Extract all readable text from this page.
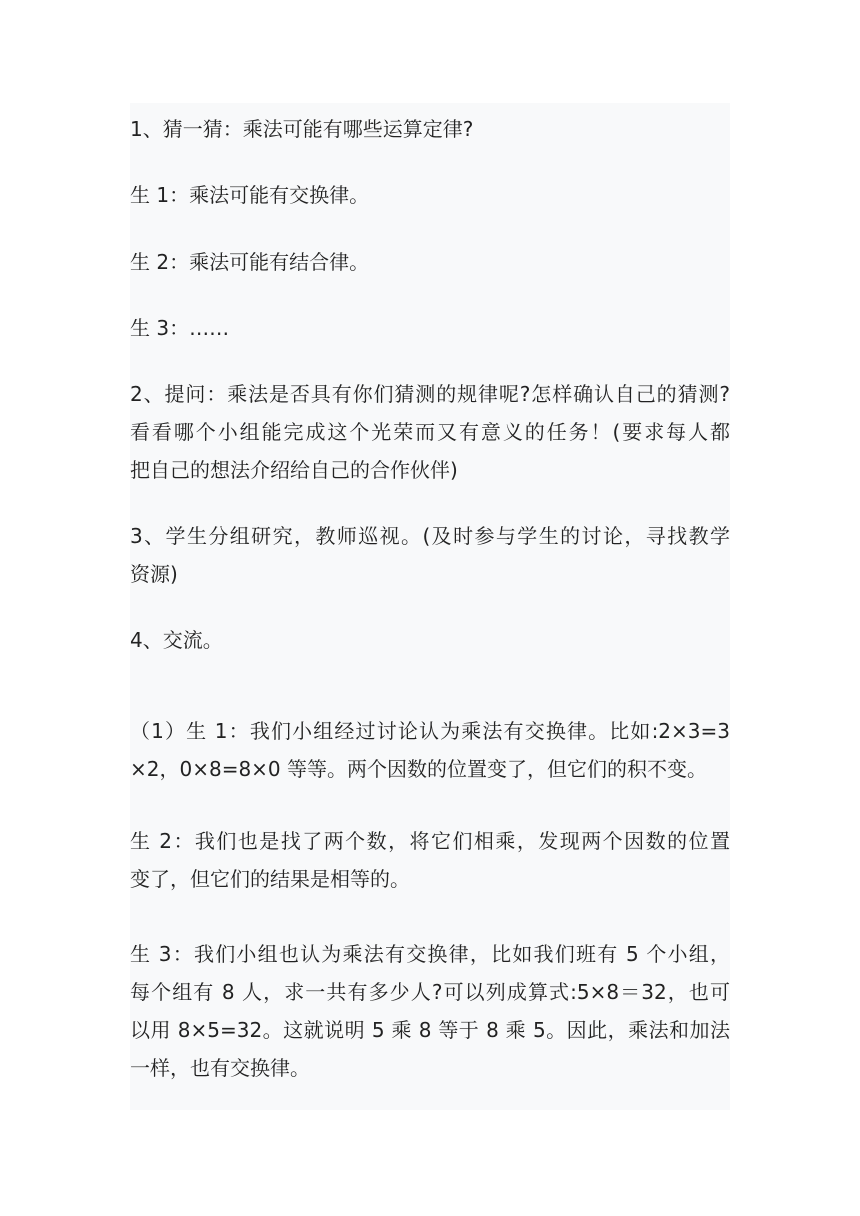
1、猜一猜：乘法可能有哪些运算定律?

生 1：乘法可能有交换律。

生 2：乘法可能有结合律。

生 3：……

2、提问：乘法是否具有你们猜测的规律呢?怎样确认自己的猜测?
看看哪个小组能完成这个光荣而又有意义的任务！(要求每人都
把自己的想法介绍给自己的合作伙伴)

3、学生分组研究，教师巡视。(及时参与学生的讨论，寻找教学
资源)

4、交流。

（1）生 1：我们小组经过讨论认为乘法有交换律。比如:2×3=3
×2，0×8=8×0 等等。两个因数的位置变了，但它们的积不变。

生 2：我们也是找了两个数，将它们相乘，发现两个因数的位置
变了，但它们的结果是相等的。

生 3：我们小组也认为乘法有交换律，比如我们班有 5 个小组，
每个组有 8 人，求一共有多少人?可以列成算式:5×8＝32，也可
以用 8×5=32。这就说明 5 乘 8 等于 8 乘 5。因此，乘法和加法
一样，也有交换律。
